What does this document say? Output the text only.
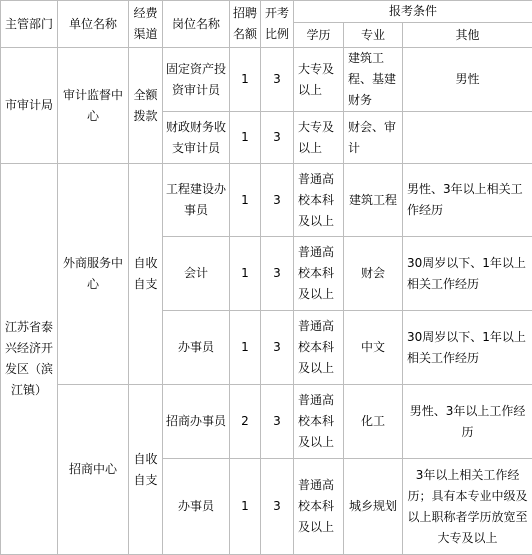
主管部门	单位名称	经费渠道	岗位名称	招聘名额	开考比例	报考条件		
						学历	专业	其他
市审计局	审计监督中心	全额拨款	固定资产投资审计员	1	3	大专及以上	建筑工程、基建财务	男性
			财政财务收支审计员	1	3	大专及以上	财会、审计	
江苏省泰兴经济开发区（滨江镇）	外商服务中心	自收自支	工程建设办事员	1	3	普通高校本科及以上	建筑工程	男性、3年以上相关工作经历
			会计	1	3	普通高校本科及以上	财会	30周岁以下、1年以上相关工作经历
			办事员	1	3	普通高校本科及以上	中文	30周岁以下、1年以上相关工作经历
	招商中心	自收自支	招商办事员	2	3	普通高校本科及以上	化工	男性、3年以上工作经历
			办事员	1	3	普通高校本科及以上	城乡规划	3年以上相关工作经历；具有本专业中级及以上职称者学历放宽至大专及以上
